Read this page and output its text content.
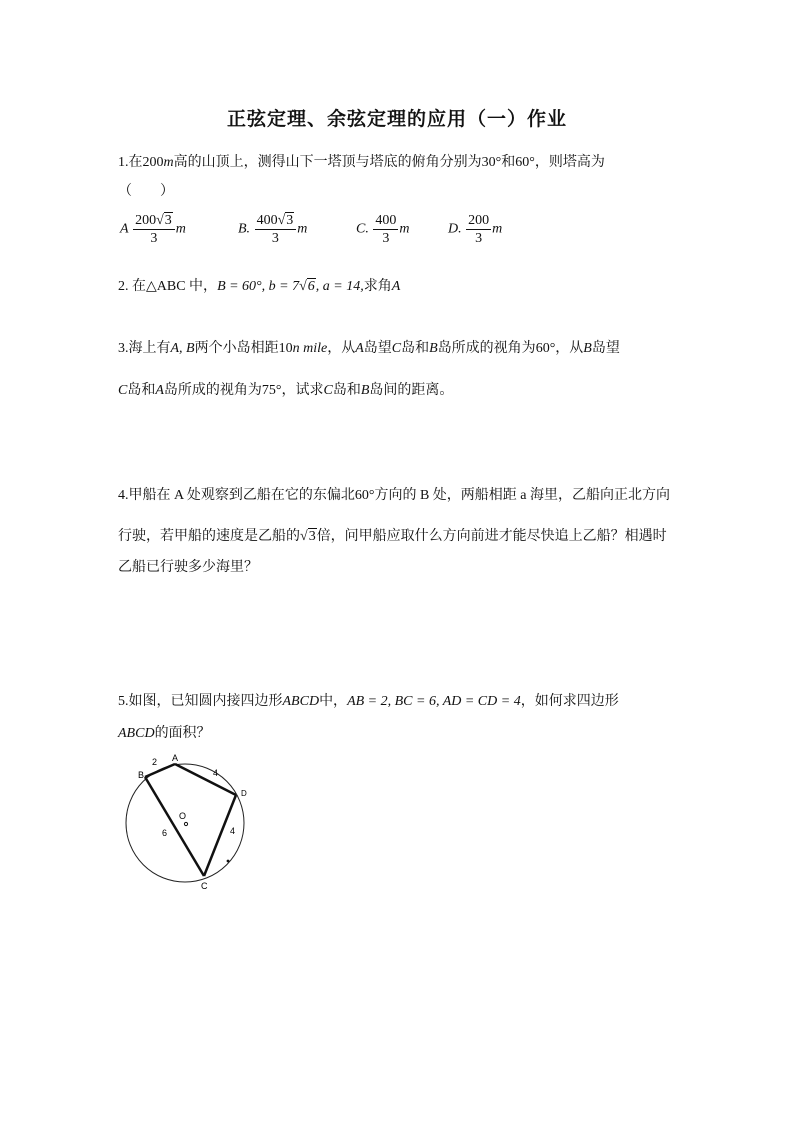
正弦定理、余弦定理的应用（一）作业
1.在200m高的山顶上，测得山下一塔顶与塔底的俯角分别为30°和60°，则塔高为
（　　）
A $\frac{200√3}{3}$ m	B. $\frac{400√3}{3}$ m	C. $\frac{400}{3}$ m	D. $\frac{200}{3}$ m
2. 在△ABC 中，B = 60°, b = 7√6, a = 14,求角A
3.海上有A, B两个小岛相距10n mile，从A岛望C岛和B岛所成的视角为60°，从B岛望
C岛和A岛所成的视角为75°，试求C岛和B岛间的距离。
4.甲船在 A 处观察到乙船在它的东偏北60°方向的 B 处，两船相距 a 海里，乙船向正北方向
行驶，若甲船的速度是乙船的√3倍，问甲船应取什么方向前进才能尽快追上乙船？相遇时
乙船已行驶多少海里？
5.如图，已知圆内接四边形ABCD中，AB = 2, BC = 6, AD = CD = 4，如何求四边形
ABCD的面积？
A
B
C
D
O
2
4
4
6
